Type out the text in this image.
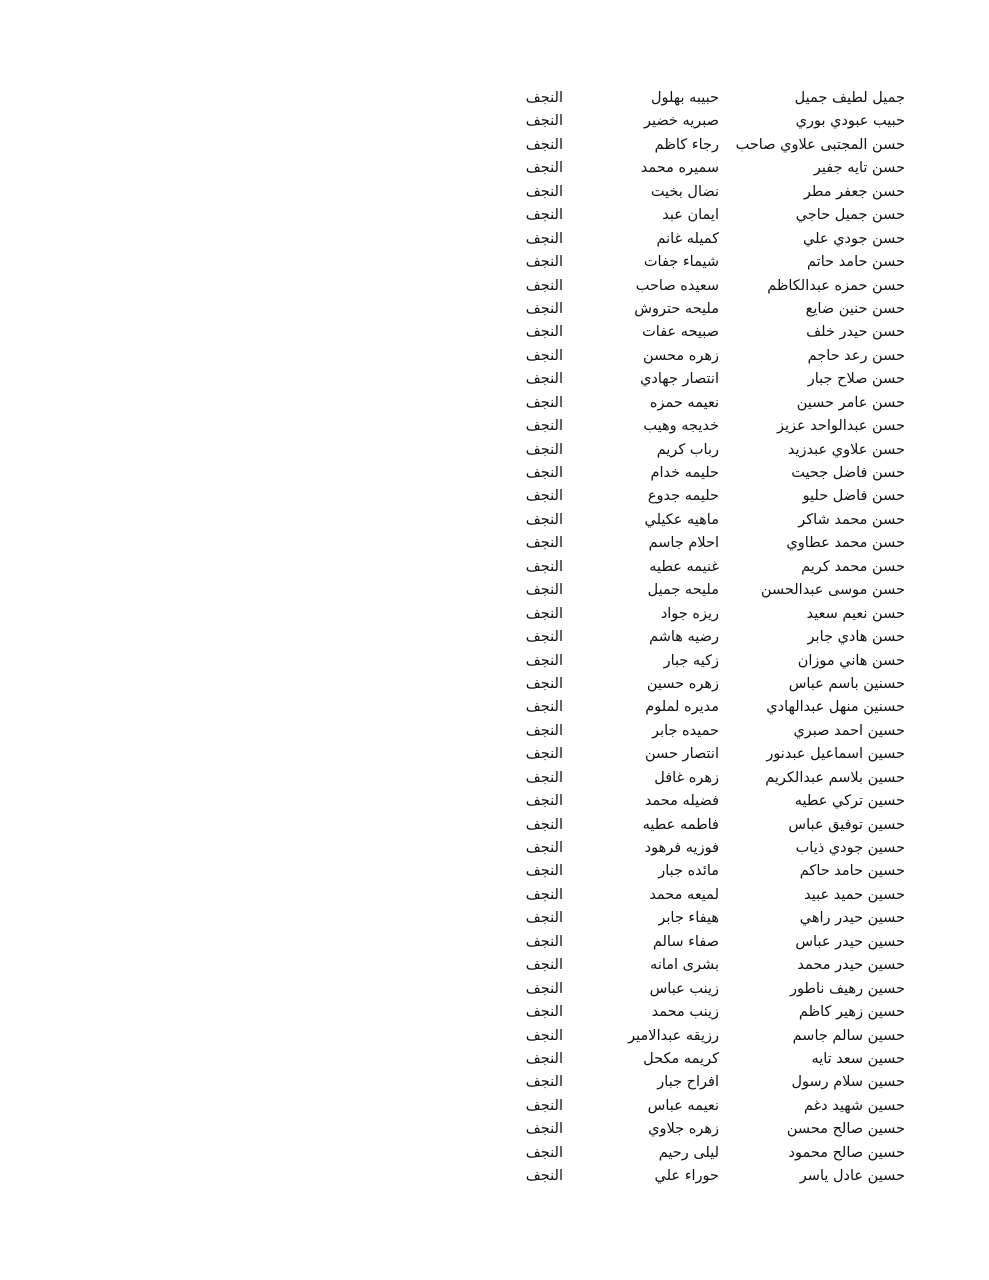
جميل لطيف جميل
حبيبه بهلول
النجف
حبيب عبودي بوري
صبريه خضير
النجف
حسن المجتبى علاوي صاحب
رجاء كاظم
النجف
حسن تايه جفير
سميره محمد
النجف
حسن جعفر مطر
نضال بخيت
النجف
حسن جميل حاجي
ايمان عبد
النجف
حسن جودي علي
كميله غانم
النجف
حسن حامد حاتم
شيماء جفات
النجف
حسن حمزه عبدالكاظم
سعيده صاحب
النجف
حسن حنين ضايع
مليحه حتروش
النجف
حسن حيدر خلف
صبيحه عفات
النجف
حسن رعد حاجم
زهره محسن
النجف
حسن صلاح جبار
انتصار جهادي
النجف
حسن عامر حسين
نعيمه حمزه
النجف
حسن عبدالواحد عزيز
خديجه وهيب
النجف
حسن علاوي عبدزيد
رباب كريم
النجف
حسن فاضل جحيت
حليمه خدام
النجف
حسن فاضل حليو
حليمه جدوع
النجف
حسن محمد شاكر
ماهيه عكيلي
النجف
حسن محمد عطاوي
احلام جاسم
النجف
حسن محمد كريم
غنيمه عطيه
النجف
حسن موسى عبدالحسن
مليحه جميل
النجف
حسن نعيم سعيد
ريزه جواد
النجف
حسن هادي جابر
رضيه هاشم
النجف
حسن هاني موزان
زكيه جبار
النجف
حسنين باسم عباس
زهره حسين
النجف
حسنين منهل عبدالهادي
مديره لملوم
النجف
حسين احمد صبري
حميده جابر
النجف
حسين اسماعيل عبدنور
انتصار حسن
النجف
حسين بلاسم عبدالكريم
زهره غافل
النجف
حسين تركي عطيه
فضيله محمد
النجف
حسين توفيق عباس
فاطمه عطيه
النجف
حسين جودي ذياب
فوزيه فرهود
النجف
حسين حامد حاكم
مائده جبار
النجف
حسين حميد عبيد
لميعه محمد
النجف
حسين حيدر راهي
هيفاء جابر
النجف
حسين حيدر عباس
صفاء سالم
النجف
حسين حيدر محمد
بشرى امانه
النجف
حسين رهيف ناطور
زينب عباس
النجف
حسين زهير كاظم
زينب محمد
النجف
حسين سالم جاسم
رزيقه عبدالامير
النجف
حسين سعد تايه
كريمه مكحل
النجف
حسين سلام رسول
افراح جبار
النجف
حسين شهيد دغم
نعيمه عباس
النجف
حسين صالح محسن
زهره جلاوي
النجف
حسين صالح محمود
ليلى رحيم
النجف
حسين عادل ياسر
حوراء علي
النجف
